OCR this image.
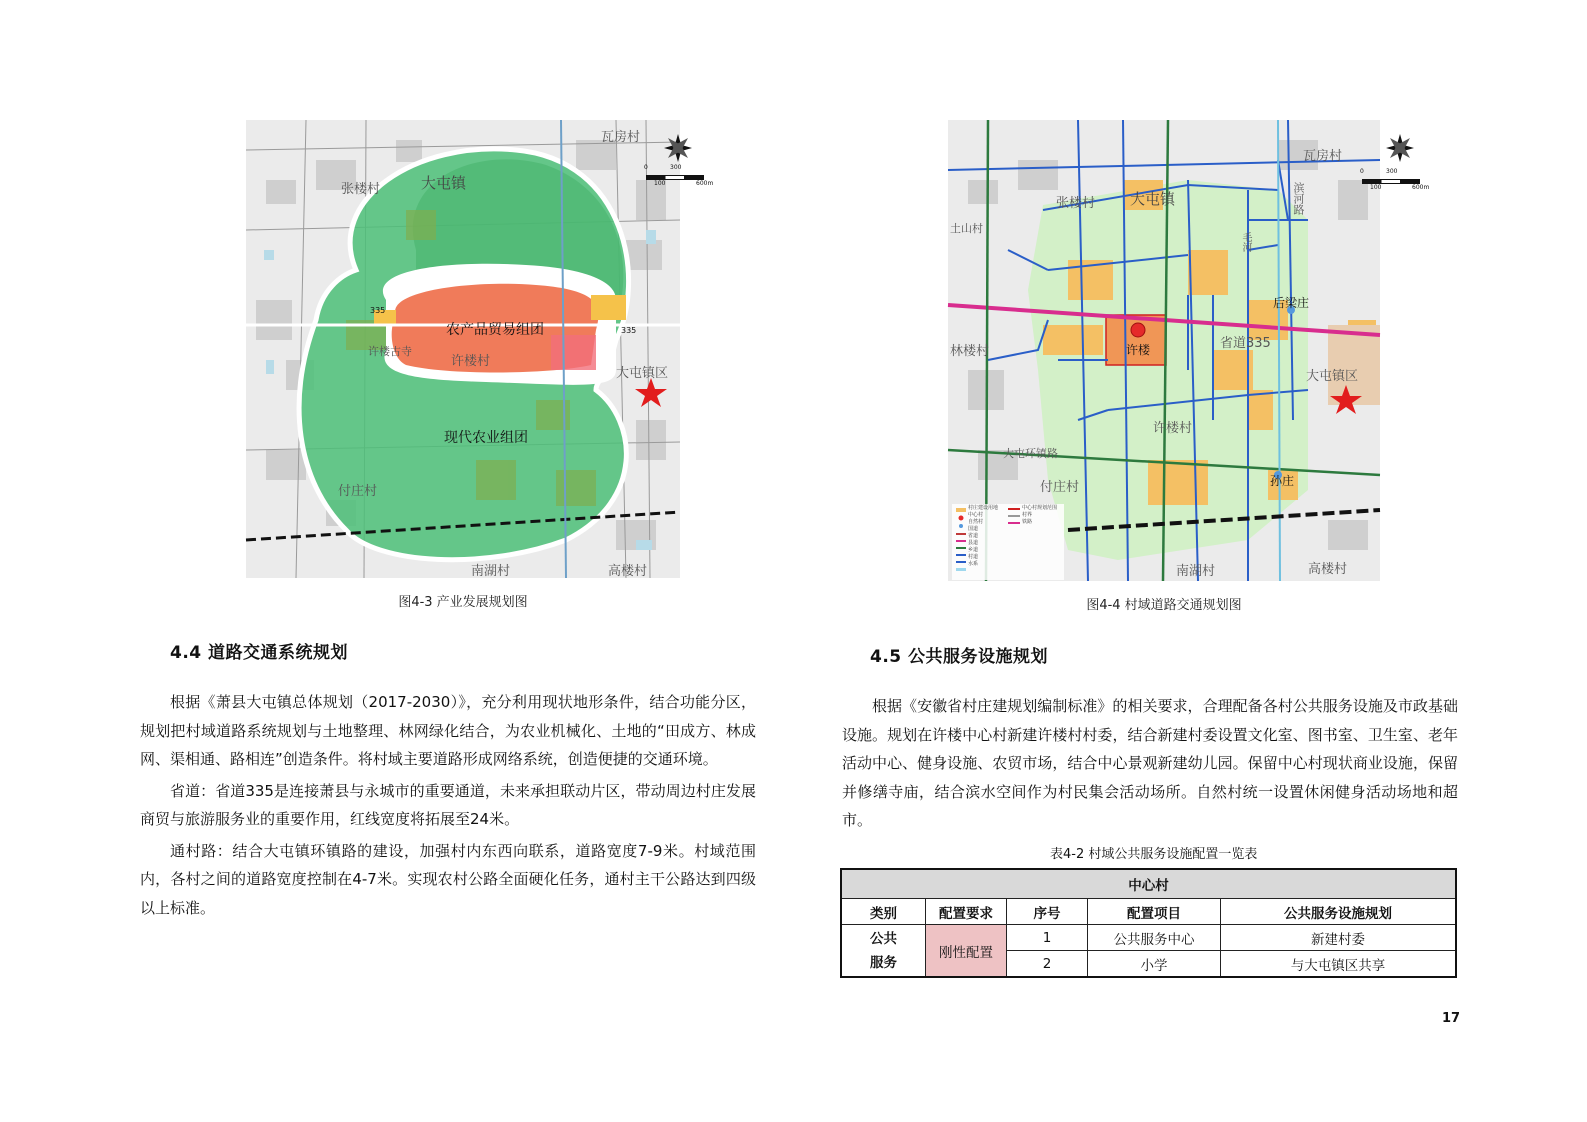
瓦房村
张楼村	大屯镇
335
335
许楼古寺
许楼村
大屯镇区
付庄村
南湖村	高楼村
农产品贸易组团
现代农业组团
0
100
300
600m
图4-3 产业发展规划图
瓦房村
张楼村 大屯镇
土山村
滨河路
毛河
后梁庄
林楼村	许楼	省道335
大屯镇区
许楼村
大屯环镇路
付庄村	孙庄
南湖村	高楼村
村庄建设用地
中心村
自然村
国道
省道
县道
乡道
村道
水系
中心村规划范围
村界
铁路
0
100
300
600m
图4-4 村域道路交通规划图
4.4 道路交通系统规划

根据《萧县大屯镇总体规划（2017-2030）》，充分利用现状地形条件，结合功能分区，规划把村域道路系统规划与土地整理、林网绿化结合，为农业机械化、土地的“田成方、林成网、渠相通、路相连”创造条件。将村域主要道路形成网络系统，创造便捷的交通环境。

省道：省道335是连接萧县与永城市的重要通道，未来承担联动片区，带动周边村庄发展商贸与旅游服务业的重要作用，红线宽度将拓展至24米。

通村路：结合大屯镇环镇路的建设，加强村内东西向联系，道路宽度7-9米。村域范围内，各村之间的道路宽度控制在4-7米。实现农村公路全面硬化任务，通村主干公路达到四级以上标准。

4.5 公共服务设施规划

根据《安徽省村庄建规划编制标准》的相关要求，合理配备各村公共服务设施及市政基础设施。规划在许楼中心村新建许楼村村委，结合新建村委设置文化室、图书室、卫生室、老年活动中心、健身设施、农贸市场，结合中心景观新建幼儿园。保留中心村现状商业设施，保留并修缮寺庙，结合滨水空间作为村民集会活动场所。自然村统一设置休闲健身活动场地和超市。

表4-2 村域公共服务设施配置一览表
中心村				
类别	配置要求	序号	配置项目	公共服务设施规划
公共
服务	刚性配置	1	公共服务中心	新建村委
		2	小学	与大屯镇区共享
17
